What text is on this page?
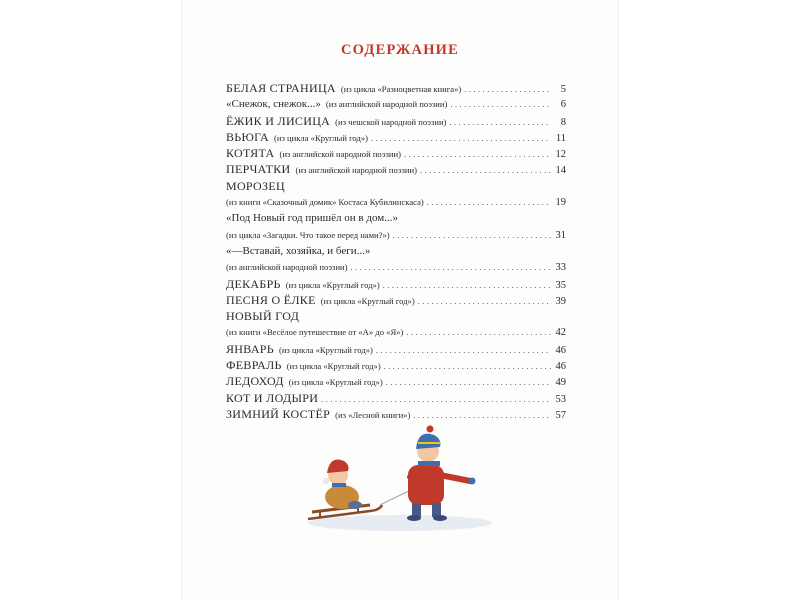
СОДЕРЖАНИЕ
БЕЛАЯ СТРАНИЦА (из цикла «Разноцветная книга») .....	5
«Снежок, снежок...» (из английской народной поэзии) .....	6
ЁЖИК И ЛИСИЦА (из чешской народной поэзии) .....	8
ВЬЮГА (из цикла «Круглый год») .....	11
КОТЯТА (из английской народной поэзии) .....	12
ПЕРЧАТКИ (из английской народной поэзии) .....	14
МОРОЗЕЦ
(из книги «Сказочный домик» Костаса Кубилинскаса) .....	19
«Под Новый год пришёл он в дом...»
(из цикла «Загадки. Что такое перед нами?») .....	31
«—Вставай, хозяйка, и беги...»
(из английской народной поэзии) .....	33
ДЕКАБРЬ (из цикла «Круглый год») .....	35
ПЕСНЯ О ЁЛКЕ (из цикла «Круглый год») .....	39
НОВЫЙ ГОД
(из книги «Весёлое путешествие от «А» до «Я») .....	42
ЯНВАРЬ (из цикла «Круглый год») .....	46
ФЕВРАЛЬ (из цикла «Круглый год») .....	46
ЛЕДОХОД (из цикла «Круглый год») .....	49
КОТ И ЛОДЫРИ .....	53
ЗИМНИЙ КОСТЁР (из «Лесной книги») .....	57
